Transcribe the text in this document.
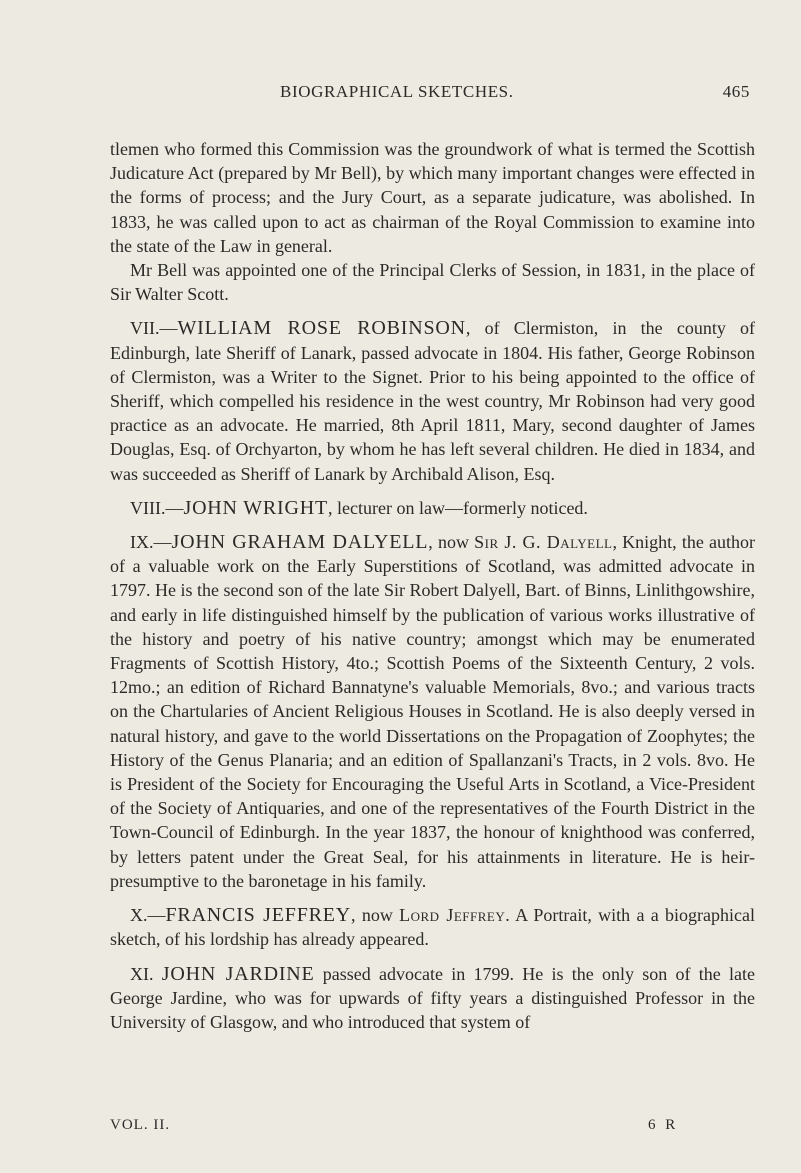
BIOGRAPHICAL SKETCHES.	465

tlemen who formed this Commission was the groundwork of what is termed the Scottish Judicature Act (prepared by Mr Bell), by which many important changes were effected in the forms of process; and the Jury Court, as a separate judicature, was abolished. In 1833, he was called upon to act as chairman of the Royal Commission to examine into the state of the Law in general.

Mr Bell was appointed one of the Principal Clerks of Session, in 1831, in the place of Sir Walter Scott.

VII.—WILLIAM ROSE ROBINSON, of Clermiston, in the county of Edinburgh, late Sheriff of Lanark, passed advocate in 1804. His father, George Robinson of Clermiston, was a Writer to the Signet. Prior to his being appointed to the office of Sheriff, which compelled his residence in the west country, Mr Robinson had very good practice as an advocate. He married, 8th April 1811, Mary, second daughter of James Douglas, Esq. of Orchyarton, by whom he has left several children. He died in 1834, and was succeeded as Sheriff of Lanark by Archibald Alison, Esq.

VIII.—JOHN WRIGHT, lecturer on law—formerly noticed.

IX.—JOHN GRAHAM DALYELL, now Sir J. G. Dalyell, Knight, the author of a valuable work on the Early Superstitions of Scotland, was admitted advocate in 1797. He is the second son of the late Sir Robert Dalyell, Bart. of Binns, Linlithgowshire, and early in life distinguished himself by the publication of various works illustrative of the history and poetry of his native country; amongst which may be enumerated Fragments of Scottish History, 4to.; Scottish Poems of the Sixteenth Century, 2 vols. 12mo.; an edition of Richard Bannatyne's valuable Memorials, 8vo.; and various tracts on the Chartularies of Ancient Religious Houses in Scotland. He is also deeply versed in natural history, and gave to the world Dissertations on the Propagation of Zoophytes; the History of the Genus Planaria; and an edition of Spallanzani's Tracts, in 2 vols. 8vo. He is President of the Society for Encouraging the Useful Arts in Scotland, a Vice-President of the Society of Antiquaries, and one of the representatives of the Fourth District in the Town-Council of Edinburgh. In the year 1837, the honour of knighthood was conferred, by letters patent under the Great Seal, for his attainments in literature. He is heir-presumptive to the baronetage in his family.

X.—FRANCIS JEFFREY, now Lord Jeffrey. A Portrait, with a a biographical sketch, of his lordship has already appeared.

XI. JOHN JARDINE passed advocate in 1799. He is the only son of the late George Jardine, who was for upwards of fifty years a distinguished Professor in the University of Glasgow, and who introduced that system of

VOL. II.	6 R
